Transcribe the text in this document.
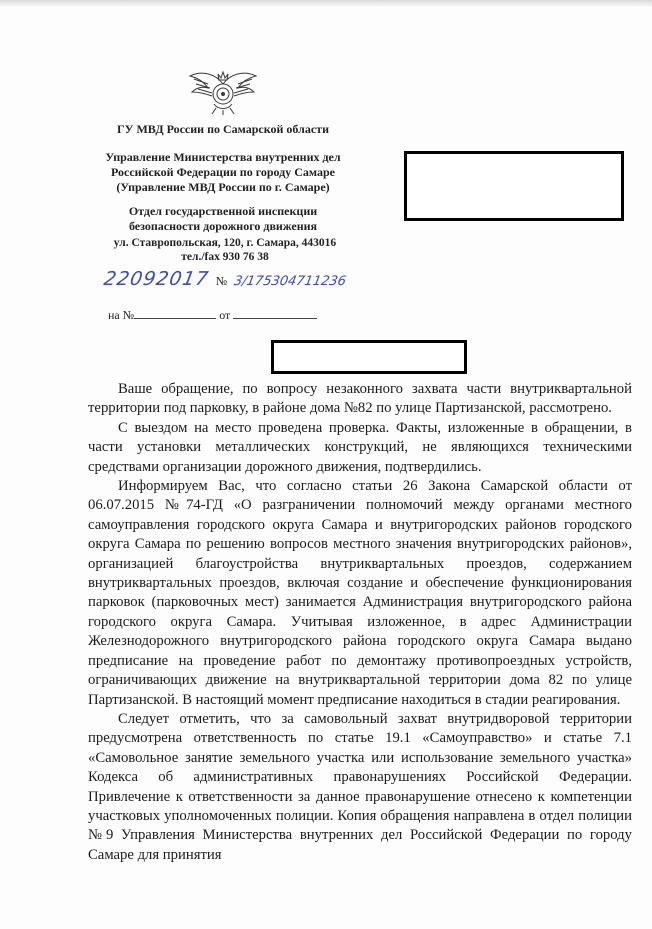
ГУ МВД России по Самарской области
Управление Министерства внутренних дел
Российской Федерации по городу Самаре
(Управление МВД России по г. Самаре)
Отдел государственной инспекции
безопасности дорожного движения
ул. Ставропольская, 120, г. Самара, 443016
тел./fax 930 76 38
22092017 № 3/175304711236
на №	от

Ваше обращение, по вопросу незаконного захвата части внутриквартальной территории под парковку, в районе дома №82 по улице Партизанской, рассмотрено.

С выездом на место проведена проверка. Факты, изложенные в обращении, в части установки металлических конструкций, не являющихся техническими средствами организации дорожного движения, подтвердились.

Информируем Вас, что согласно статьи 26 Закона Самарской области от 06.07.2015 №74-ГД «О разграничении полномочий между органами местного самоуправления городского округа Самара и внутригородских районов городского округа Самара по решению вопросов местного значения внутригородских районов», организацией благоустройства внутриквартальных проездов, содержанием внутриквартальных проездов, включая создание и обеспечение функционирования парковок (парковочных мест) занимается Администрация внутригородского района городского округа Самара. Учитывая изложенное, в адрес Администрации Железнодорожного внутригородского района городского округа Самара выдано предписание на проведение работ по демонтажу противопроездных устройств, ограничивающих движение на внутриквартальной территории дома 82 по улице Партизанской. В настоящий момент предписание находиться в стадии реагирования.

Следует отметить, что за самовольный захват внутридворовой территории предусмотрена ответственность по статье 19.1 «Самоуправство» и статье 7.1 «Самовольное занятие земельного участка или использование земельного участка» Кодекса об административных правонарушениях Российской Федерации. Привлечение к ответственности за данное правонарушение отнесено к компетенции участковых уполномоченных полиции. Копия обращения направлена в отдел полиции №9 Управления Министерства внутренних дел Российской Федерации по городу Самаре для принятия
